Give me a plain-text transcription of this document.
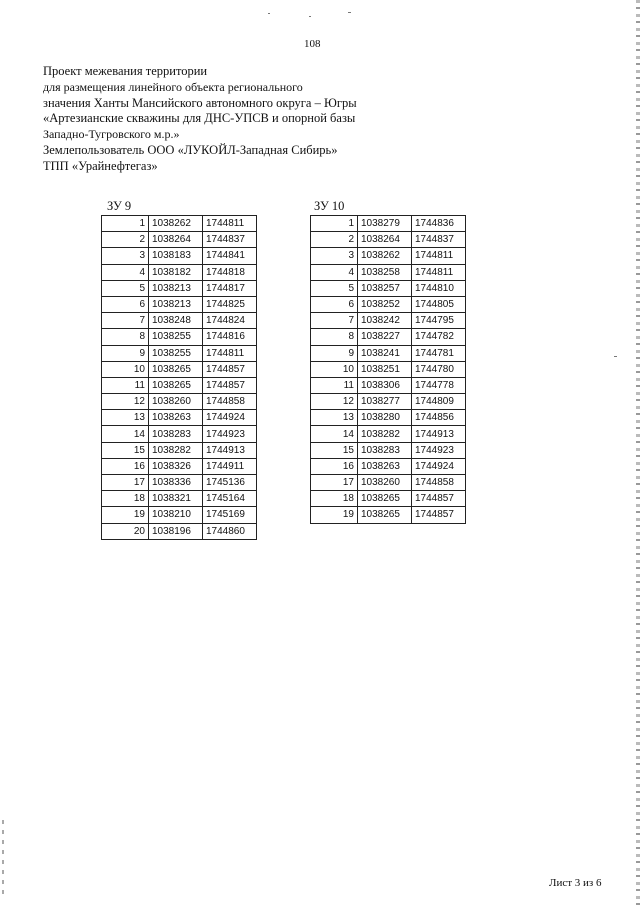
108
Проект межевания территории
для размещения линейного объекта регионального
значения Ханты Мансийского автономного округа – Югры
«Артезианские скважины для ДНС-УПСВ и опорной базы
Западно-Тугровского м.р.»
Землепользователь ООО «ЛУКОЙЛ-Западная Сибирь»
ТПП «Урайнефтегаз»
ЗУ 9
1	1038262	1744811
2	1038264	1744837
3	1038183	1744841
4	1038182	1744818
5	1038213	1744817
6	1038213	1744825
7	1038248	1744824
8	1038255	1744816
9	1038255	1744811
10	1038265	1744857
11	1038265	1744857
12	1038260	1744858
13	1038263	1744924
14	1038283	1744923
15	1038282	1744913
16	1038326	1744911
17	1038336	1745136
18	1038321	1745164
19	1038210	1745169
20	1038196	1744860
ЗУ 10
1	1038279	1744836
2	1038264	1744837
3	1038262	1744811
4	1038258	1744811
5	1038257	1744810
6	1038252	1744805
7	1038242	1744795
8	1038227	1744782
9	1038241	1744781
10	1038251	1744780
11	1038306	1744778
12	1038277	1744809
13	1038280	1744856
14	1038282	1744913
15	1038283	1744923
16	1038263	1744924
17	1038260	1744858
18	1038265	1744857
19	1038265	1744857
Лист 3 из 6
